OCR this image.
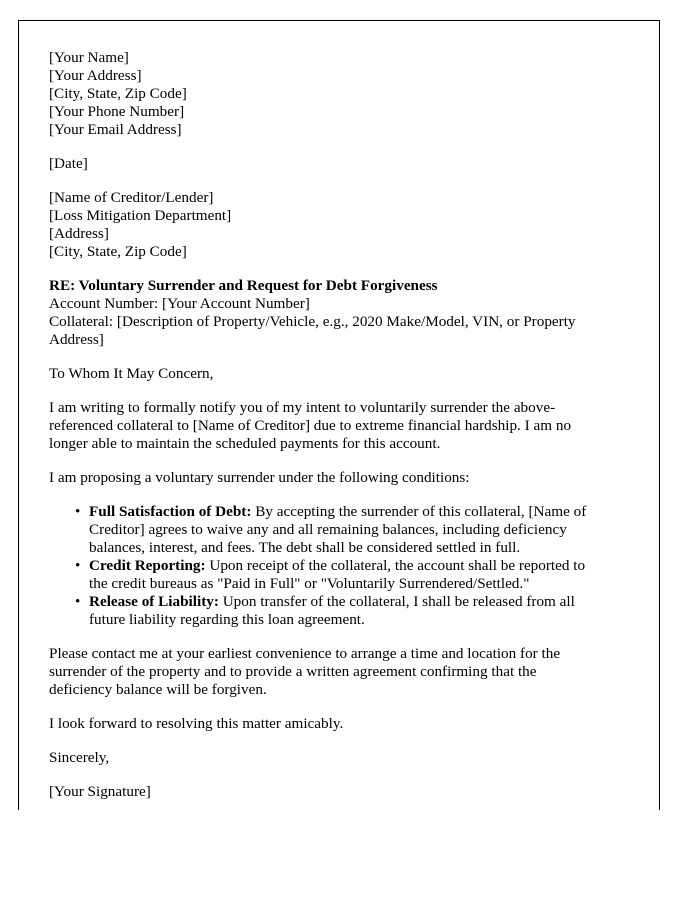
[Your Name]
[Your Address]
[City, State, Zip Code]
[Your Phone Number]
[Your Email Address]
[Date]
[Name of Creditor/Lender]
[Loss Mitigation Department]
[Address]
[City, State, Zip Code]
RE: Voluntary Surrender and Request for Debt Forgiveness
Account Number: [Your Account Number]
Collateral: [Description of Property/Vehicle, e.g., 2020 Make/Model, VIN, or Property
Address]
To Whom It May Concern,
I am writing to formally notify you of my intent to voluntarily surrender the above-
referenced collateral to [Name of Creditor] due to extreme financial hardship. I am no
longer able to maintain the scheduled payments for this account.
I am proposing a voluntary surrender under the following conditions:
• Full Satisfaction of Debt: By accepting the surrender of this collateral, [Name of
Creditor] agrees to waive any and all remaining balances, including deficiency
balances, interest, and fees. The debt shall be considered settled in full.
• Credit Reporting: Upon receipt of the collateral, the account shall be reported to
the credit bureaus as "Paid in Full" or "Voluntarily Surrendered/Settled."
• Release of Liability: Upon transfer of the collateral, I shall be released from all
future liability regarding this loan agreement.
Please contact me at your earliest convenience to arrange a time and location for the
surrender of the property and to provide a written agreement confirming that the
deficiency balance will be forgiven.
I look forward to resolving this matter amicably.
Sincerely,
[Your Signature]
